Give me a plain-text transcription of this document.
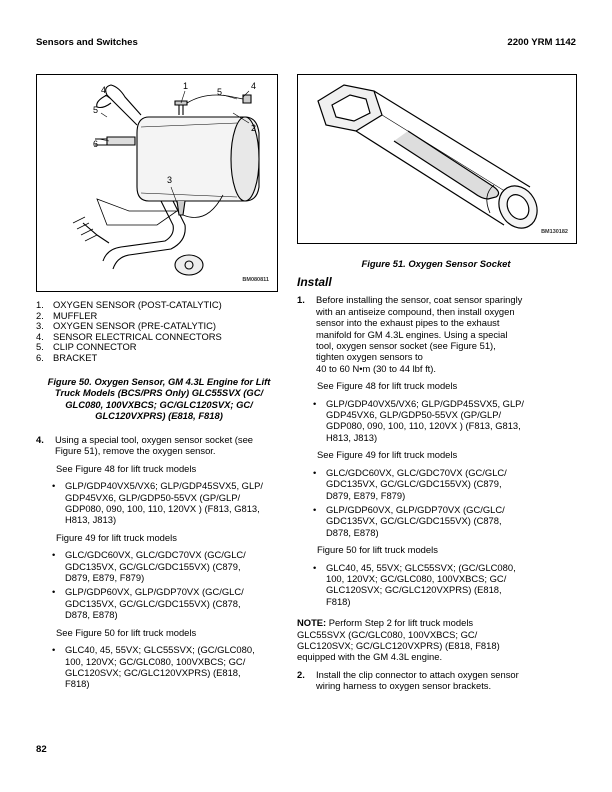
Sensors and Switches	2200 YRM 1142
1
2
3
4
5
6
4
5
BM080811
1. OXYGEN SENSOR (POST-CATALYTIC)
2. MUFFLER
3. OXYGEN SENSOR (PRE-CATALYTIC)
4. SENSOR ELECTRICAL CONNECTORS
5. CLIP CONNECTOR
6. BRACKET
Figure 50. Oxygen Sensor, GM 4.3L Engine for Lift
Truck Models (BCS/PRS Only) GLC55SVX (GC/
GLC080, 100VXBCS; GC/GLC120SVX; GC/
GLC120VXPRS) (E818, F818)
4. Using a special tool, oxygen sensor socket (see
Figure 51), remove the oxygen sensor.
See Figure 48 for lift truck models
• GLP/GDP40VX5/VX6; GLP/GDP45SVX5, GLP/
GDP45VX6, GLP/GDP50-55VX (GP/GLP/
GDP080, 090, 100, 110, 120VX ) (F813, G813,
H813, J813)
Figure 49 for lift truck models
• GLC/GDC60VX, GLC/GDC70VX (GC/GLC/
GDC135VX, GC/GLC/GDC155VX) (C879,
D879, E879, F879)
• GLP/GDP60VX, GLP/GDP70VX (GC/GLC/
GDC135VX, GC/GLC/GDC155VX) (C878,
D878, E878)
See Figure 50 for lift truck models
• GLC40, 45, 55VX; GLC55SVX; (GC/GLC080,
100, 120VX; GC/GLC080, 100VXBCS; GC/
GLC120SVX; GC/GLC120VXPRS) (E818,
F818)
BM130182
Figure 51. Oxygen Sensor Socket
Install
1. Before installing the sensor, coat sensor sparingly
with an antiseize compound, then install oxygen
sensor into the exhaust pipes to the exhaust
manifold for GM 4.3L engines. Using a special
tool, oxygen sensor socket (see Figure 51),
tighten oxygen sensors to
40 to 60 N•m (30 to 44 lbf ft).
See Figure 48 for lift truck models
• GLP/GDP40VX5/VX6; GLP/GDP45SVX5, GLP/
GDP45VX6, GLP/GDP50-55VX (GP/GLP/
GDP080, 090, 100, 110, 120VX ) (F813, G813,
H813, J813)
See Figure 49 for lift truck models
• GLC/GDC60VX, GLC/GDC70VX (GC/GLC/
GDC135VX, GC/GLC/GDC155VX) (C879,
D879, E879, F879)
• GLP/GDP60VX, GLP/GDP70VX (GC/GLC/
GDC135VX, GC/GLC/GDC155VX) (C878,
D878, E878)
Figure 50 for lift truck models
• GLC40, 45, 55VX; GLC55SVX; (GC/GLC080,
100, 120VX; GC/GLC080, 100VXBCS; GC/
GLC120SVX; GC/GLC120VXPRS) (E818,
F818)
NOTE: Perform Step 2 for lift truck models
GLC55SVX (GC/GLC080, 100VXBCS; GC/
GLC120SVX; GC/GLC120VXPRS) (E818, F818)
equipped with the GM 4.3L engine.
2. Install the clip connector to attach oxygen sensor
wiring harness to oxygen sensor brackets.
82
